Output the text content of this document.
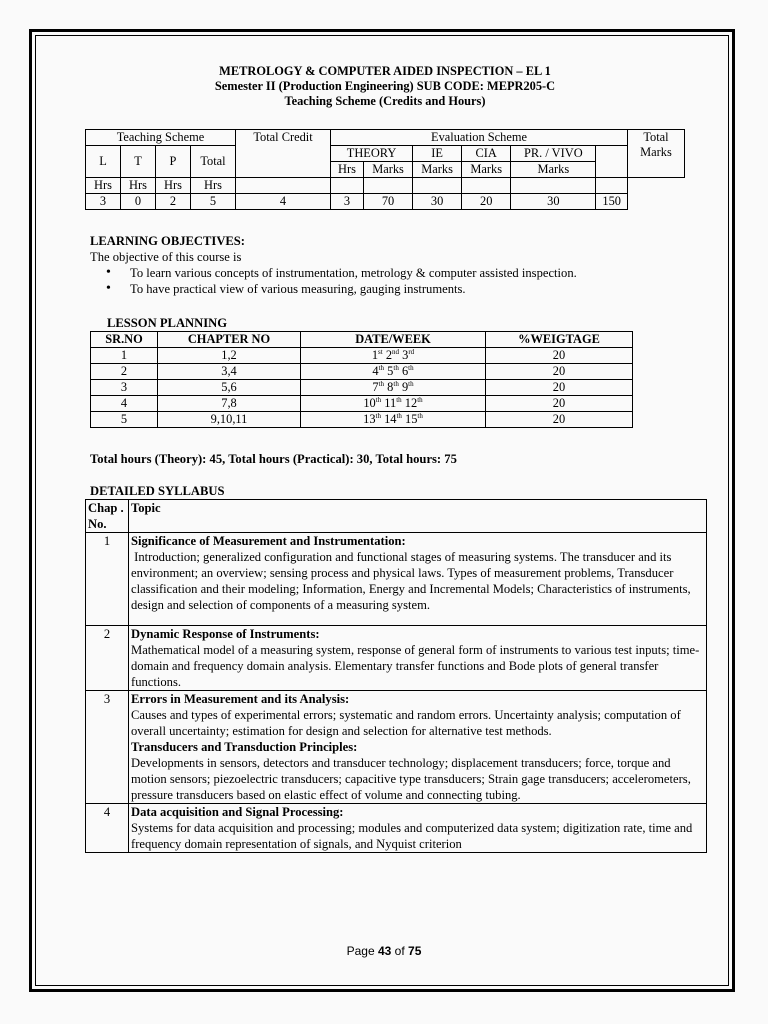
METROLOGY & COMPUTER AIDED INSPECTION – EL 1
Semester II (Production Engineering) SUB CODE: MEPR205-C
Teaching Scheme (Credits and Hours)
Teaching Scheme				Total Credit	Evaluation Scheme						Total Marks
L	T	P	Total		THEORY		IE	CIA	PR. / VIVO		
					Hrs	Marks	Marks	Marks	Marks		
Hrs	Hrs	Hrs	Hrs								
3	0	2	5	4	3	70	30	20	30	150	
LEARNING OBJECTIVES:
The objective of this course is
• To learn various concepts of instrumentation, metrology & computer assisted inspection.
• To have practical view of various measuring, gauging instruments.
LESSON PLANNING
SR.NO	CHAPTER NO	DATE/WEEK	%WEIGTAGE
1	1,2	1st 2nd 3rd	20
2	3,4	4th 5th 6th	20
3	5,6	7th 8th 9th	20
4	7,8	10th 11th 12th	20
5	9,10,11	13th 14th 15th	20
Total hours (Theory): 45, Total hours (Practical): 30, Total hours: 75
DETAILED SYLLABUS
Chap . No.	Topic
1	Significance of Measurement and Instrumentation:
Introduction; generalized configuration and functional stages of measuring systems. The transducer and its environment; an overview; sensing process and physical laws. Types of measurement problems, Transducer classification and their modeling; Information, Energy and Incremental Models; Characteristics of instruments, design and selection of components of a measuring system.

2	Dynamic Response of Instruments:
Mathematical model of a measuring system, response of general form of instruments to various test inputs; time-domain and frequency domain analysis. Elementary transfer functions and Bode plots of general transfer functions.

3	Errors in Measurement and its Analysis:
Causes and types of experimental errors; systematic and random errors. Uncertainty analysis; computation of overall uncertainty; estimation for design and selection for alternative test methods.
Transducers and Transduction Principles:
Developments in sensors, detectors and transducer technology; displacement transducers; force, torque and motion sensors; piezoelectric transducers; capacitive type transducers; Strain gage transducers; accelerometers, pressure transducers based on elastic effect of volume and connecting tubing.

4	Data acquisition and Signal Processing:
Systems for data acquisition and processing; modules and computerized data system; digitization rate, time and frequency domain representation of signals, and Nyquist criterion
Page 43 of 75
